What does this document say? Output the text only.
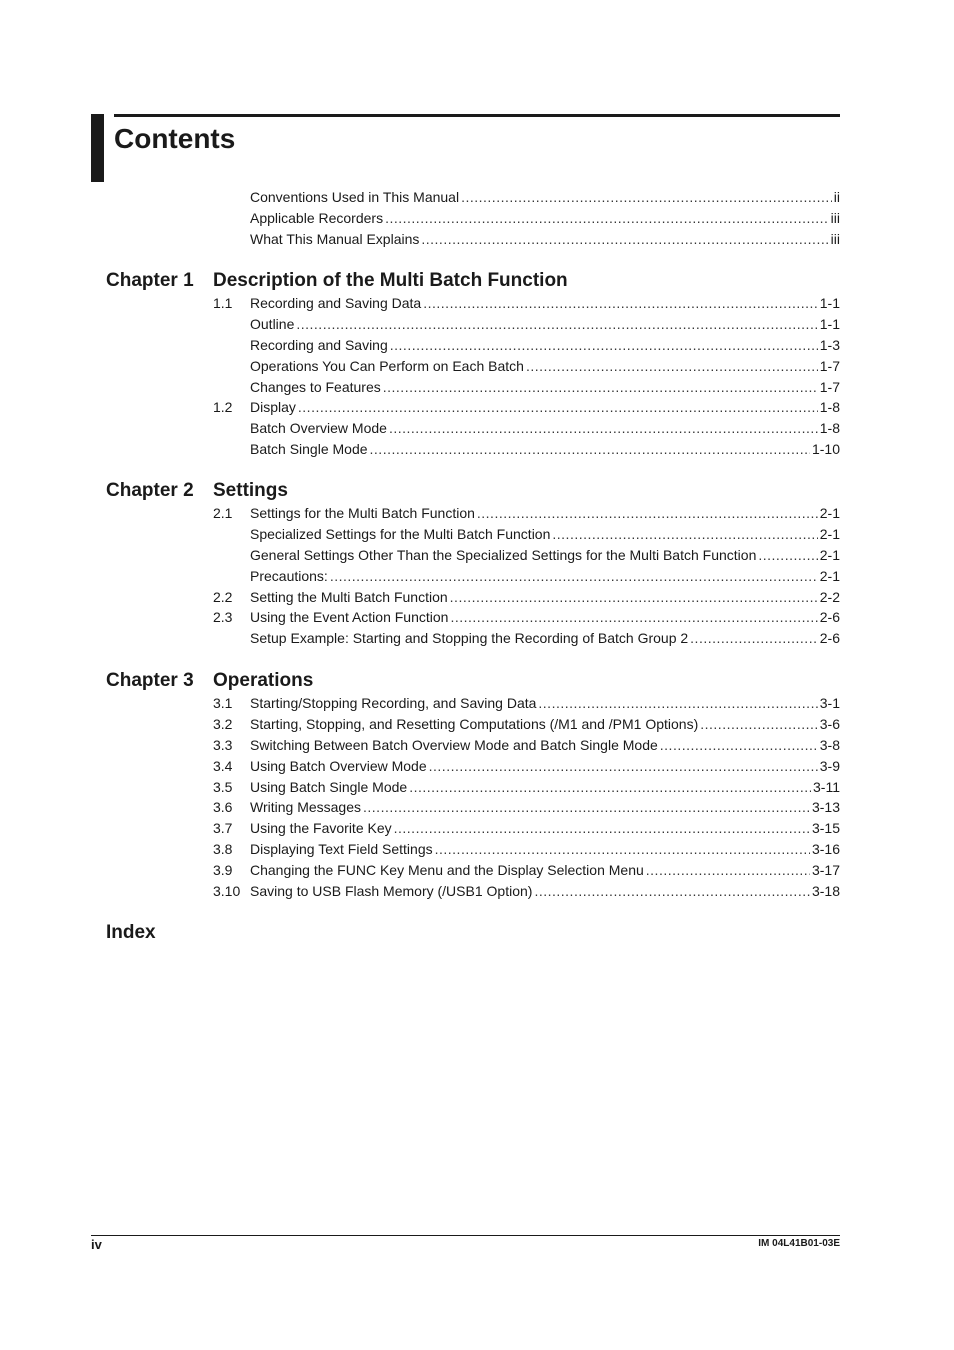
Contents
Conventions Used in This Manual .....	ii
Applicable Recorders .....	iii
What This Manual Explains .....	iii
Chapter 1 Description of the Multi Batch Function
1.1	Recording and Saving Data .....	1-1
Outline .....	1-1
Recording and Saving .....	1-3
Operations You Can Perform on Each Batch .....	1-7
Changes to Features .....	1-7
1.2	Display .....	1-8
Batch Overview Mode .....	1-8
Batch Single Mode .....	1-10
Chapter 2 Settings
2.1	Settings for the Multi Batch Function .....	2-1
Specialized Settings for the Multi Batch Function .....	2-1
General Settings Other Than the Specialized Settings for the Multi Batch Function .....	2-1
Precautions: .....	2-1
2.2	Setting the Multi Batch Function .....	2-2
2.3	Using the Event Action Function .....	2-6
Setup Example: Starting and Stopping the Recording of Batch Group 2 .....	2-6
Chapter 3 Operations
3.1	Starting/Stopping Recording, and Saving Data .....	3-1
3.2	Starting, Stopping, and Resetting Computations (/M1 and /PM1 Options) .....	3-6
3.3	Switching Between Batch Overview Mode and Batch Single Mode .....	3-8
3.4	Using Batch Overview Mode .....	3-9
3.5	Using Batch Single Mode .....	3-11
3.6	Writing Messages .....	3-13
3.7	Using the Favorite Key .....	3-15
3.8	Displaying Text Field Settings .....	3-16
3.9	Changing the FUNC Key Menu and the Display Selection Menu .....	3-17
3.10 Saving to USB Flash Memory (/USB1 Option) .....	3-18
Index
iv	IM 04L41B01-03E
